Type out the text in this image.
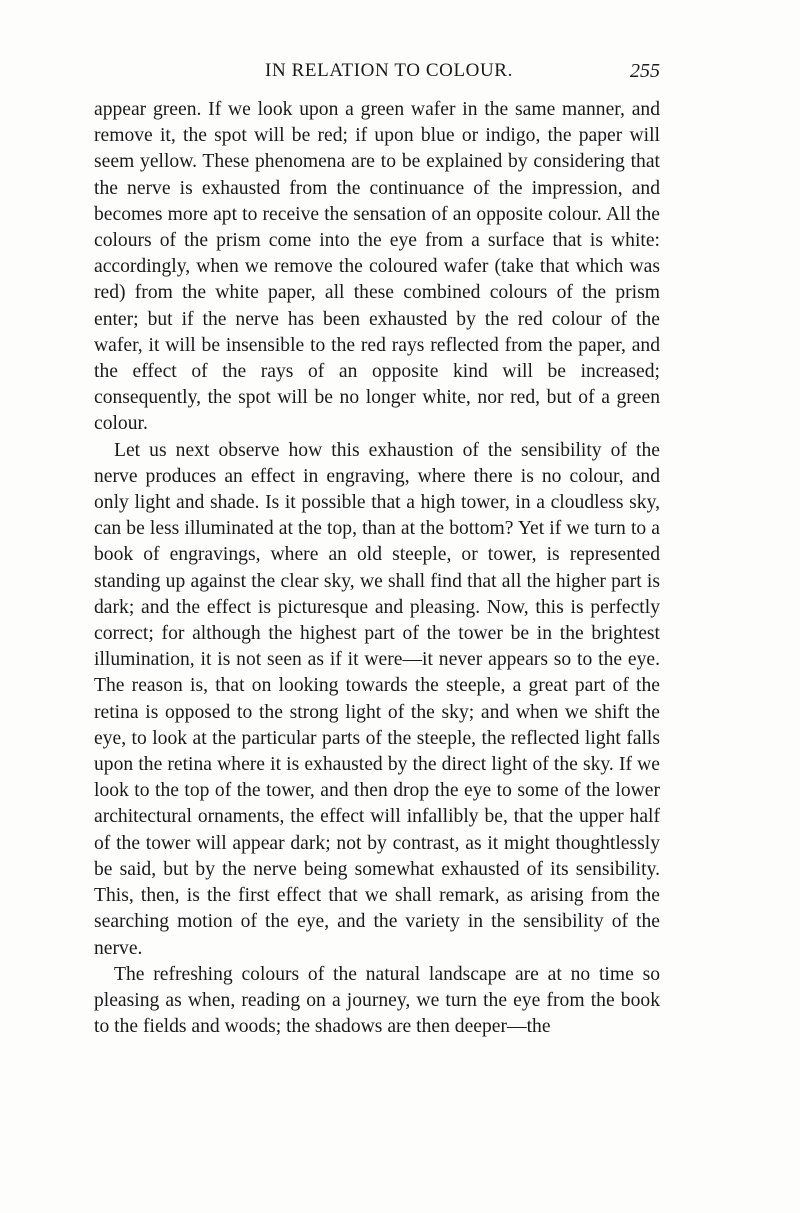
IN RELATION TO COLOUR.	255

appear green. If we look upon a green wafer in the same manner, and remove it, the spot will be red; if upon blue or indigo, the paper will seem yellow. These phenomena are to be explained by considering that the nerve is exhausted from the continuance of the impression, and becomes more apt to receive the sensation of an opposite colour. All the colours of the prism come into the eye from a surface that is white: accordingly, when we remove the coloured wafer (take that which was red) from the white paper, all these combined colours of the prism enter; but if the nerve has been exhausted by the red colour of the wafer, it will be insensible to the red rays reflected from the paper, and the effect of the rays of an opposite kind will be increased; consequently, the spot will be no longer white, nor red, but of a green colour.

Let us next observe how this exhaustion of the sensibility of the nerve produces an effect in engraving, where there is no colour, and only light and shade. Is it possible that a high tower, in a cloudless sky, can be less illuminated at the top, than at the bottom? Yet if we turn to a book of engravings, where an old steeple, or tower, is represented standing up against the clear sky, we shall find that all the higher part is dark; and the effect is picturesque and pleasing. Now, this is perfectly correct; for although the highest part of the tower be in the brightest illumination, it is not seen as if it were—it never appears so to the eye. The reason is, that on looking towards the steeple, a great part of the retina is opposed to the strong light of the sky; and when we shift the eye, to look at the particular parts of the steeple, the reflected light falls upon the retina where it is exhausted by the direct light of the sky. If we look to the top of the tower, and then drop the eye to some of the lower architectural ornaments, the effect will infallibly be, that the upper half of the tower will appear dark; not by contrast, as it might thoughtlessly be said, but by the nerve being somewhat exhausted of its sensibility. This, then, is the first effect that we shall remark, as arising from the searching motion of the eye, and the variety in the sensibility of the nerve.

The refreshing colours of the natural landscape are at no time so pleasing as when, reading on a journey, we turn the eye from the book to the fields and woods; the shadows are then deeper—the
